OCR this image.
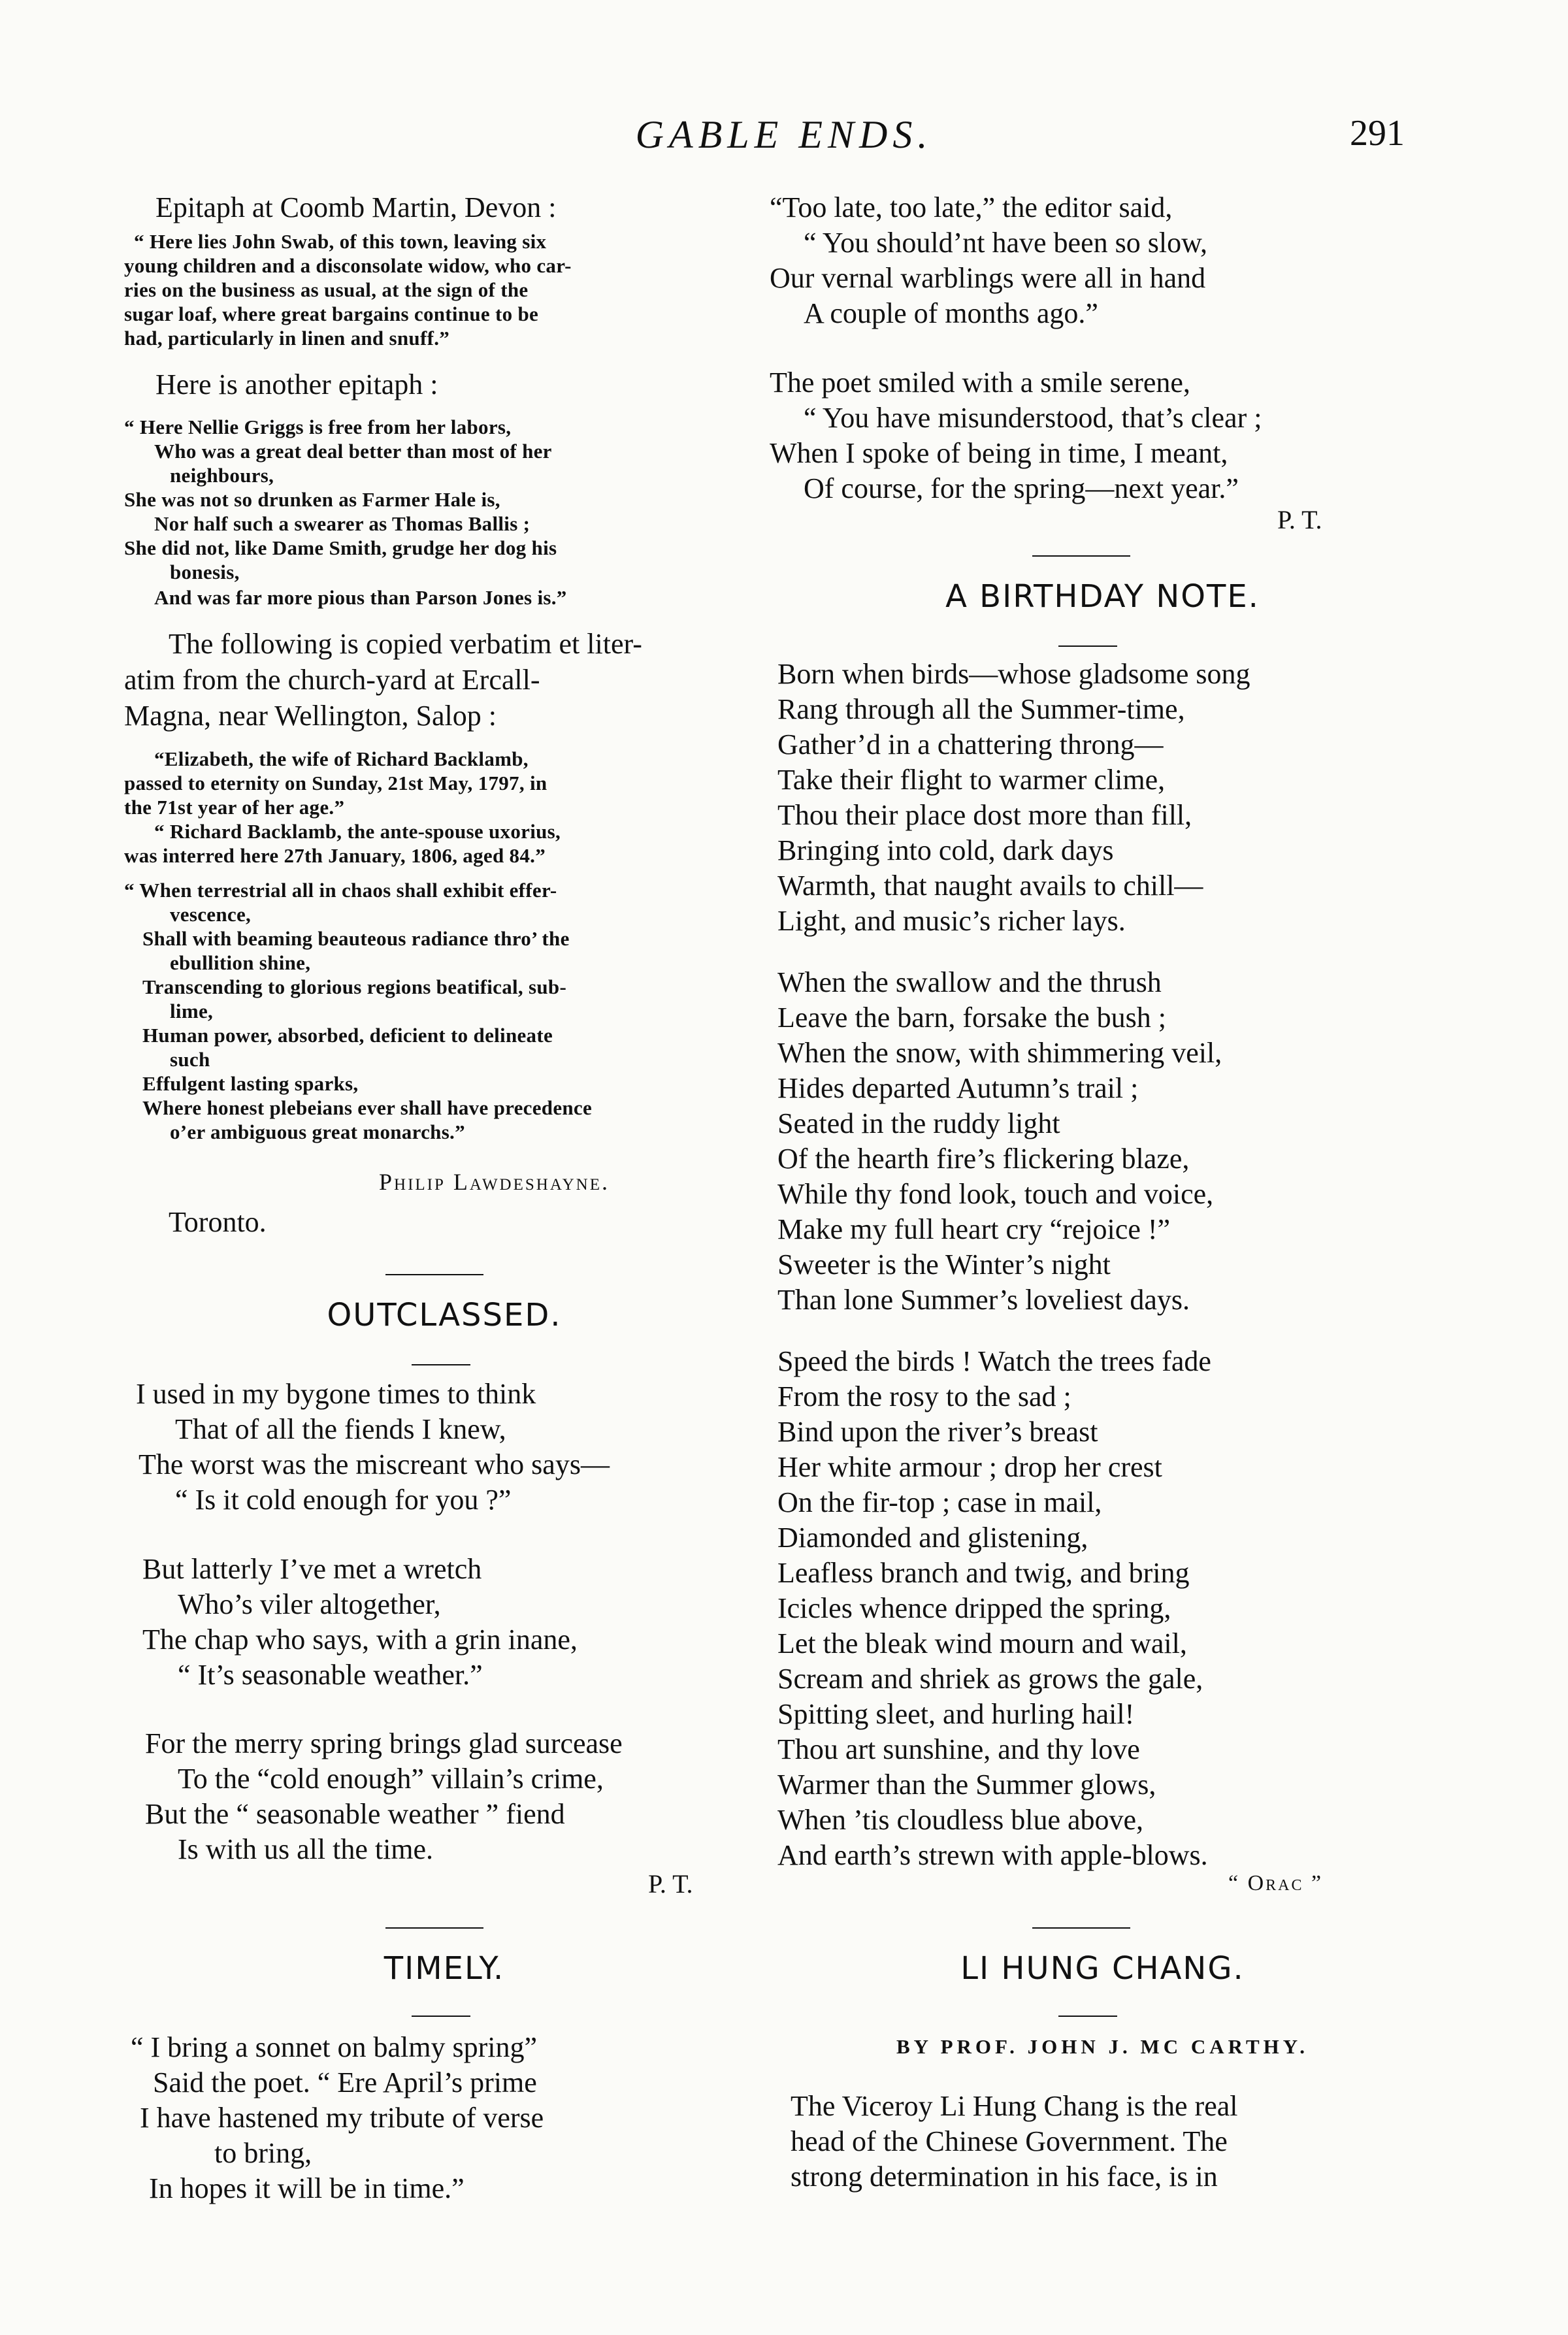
GABLE ENDS.	291
Epitaph at Coomb Martin, Devon :
“ Here lies John Swab, of this town, leaving six
young children and a disconsolate widow, who car-
ries on the business as usual, at the sign of the
sugar loaf, where great bargains continue to be
had, particularly in linen and snuff.”
Here is another epitaph :
“ Here Nellie Griggs is free from her labors,
Who was a great deal better than most of her
neighbours,
She was not so drunken as Farmer Hale is,
Nor half such a swearer as Thomas Ballis ;
She did not, like Dame Smith, grudge her dog his
bonesis,
And was far more pious than Parson Jones is.”
The following is copied verbatim et liter-
atim from the church-yard at Ercall-
Magna, near Wellington, Salop :
“Elizabeth, the wife of Richard Backlamb,
passed to eternity on Sunday, 21st May, 1797, in
the 71st year of her age.”
“ Richard Backlamb, the ante-spouse uxorius,
was interred here 27th January, 1806, aged 84.”
“ When terrestrial all in chaos shall exhibit effer-
vescence,
Shall with beaming beauteous radiance thro’ the
ebullition shine,
Transcending to glorious regions beatifical, sub-
lime,
Human power, absorbed, deficient to delineate
such
Effulgent lasting sparks,
Where honest plebeians ever shall have precedence
o’er ambiguous great monarchs.”
Philip Lawdeshayne.
Toronto.
OUTCLASSED.
I used in my bygone times to think
That of all the fiends I knew,
The worst was the miscreant who says—
“ Is it cold enough for you ?”
But latterly I’ve met a wretch
Who’s viler altogether,
The chap who says, with a grin inane,
“ It’s seasonable weather.”
For the merry spring brings glad surcease
To the “cold enough” villain’s crime,
But the “ seasonable weather ” fiend
Is with us all the time.
P. T.
TIMELY.
“ I bring a sonnet on balmy spring”
Said the poet. “ Ere April’s prime
I have hastened my tribute of verse
to bring,
In hopes it will be in time.”
“Too late, too late,” the editor said,
“ You should’nt have been so slow,
Our vernal warblings were all in hand
A couple of months ago.”
The poet smiled with a smile serene,
“ You have misunderstood, that’s clear ;
When I spoke of being in time, I meant,
Of course, for the spring—next year.”
P. T.
A BIRTHDAY NOTE.
Born when birds—whose gladsome song
Rang through all the Summer-time,
Gather’d in a chattering throng—
Take their flight to warmer clime,
Thou their place dost more than fill,
Bringing into cold, dark days
Warmth, that naught avails to chill—
Light, and music’s richer lays.
When the swallow and the thrush
Leave the barn, forsake the bush ;
When the snow, with shimmering veil,
Hides departed Autumn’s trail ;
Seated in the ruddy light
Of the hearth fire’s flickering blaze,
While thy fond look, touch and voice,
Make my full heart cry “rejoice !”
Sweeter is the Winter’s night
Than lone Summer’s loveliest days.
Speed the birds ! Watch the trees fade
From the rosy to the sad ;
Bind upon the river’s breast
Her white armour ; drop her crest
On the fir-top ; case in mail,
Diamonded and glistening,
Leafless branch and twig, and bring
Icicles whence dripped the spring,
Let the bleak wind mourn and wail,
Scream and shriek as grows the gale,
Spitting sleet, and hurling hail!
Thou art sunshine, and thy love
Warmer than the Summer glows,
When ’tis cloudless blue above,
And earth’s strewn with apple-blows.
“ Orac ”
LI HUNG CHANG.
BY PROF. JOHN J. MC CARTHY.
The Viceroy Li Hung Chang is the real
head of the Chinese Government. The
strong determination in his face, is in
